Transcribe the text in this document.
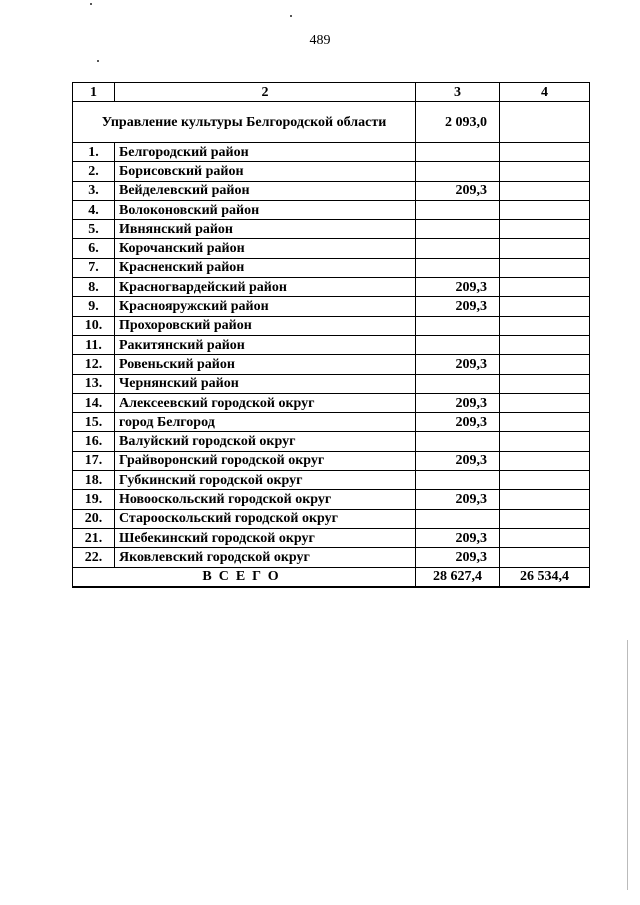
489
1	2	3	4
Управление культуры Белгородской области		2 093,0	
1.	Белгородский район		
2.	Борисовский район		
3.	Вейделевский район	209,3	
4.	Волоконовский район		
5.	Ивнянский район		
6.	Корочанский район		
7.	Красненский район		
8.	Красногвардейский район	209,3	
9.	Краснояружский район	209,3	
10.	Прохоровский район		
11.	Ракитянский район		
12.	Ровеньский район	209,3	
13.	Чернянский район		
14.	Алексеевский городской округ	209,3	
15.	город Белгород	209,3	
16.	Валуйский городской округ		
17.	Грайворонский городской округ	209,3	
18.	Губкинский городской округ		
19.	Новооскольский городской округ	209,3	
20.	Старооскольский городской округ		
21.	Шебекинский городской округ	209,3	
22.	Яковлевский городской округ	209,3	
ВСЕГО		28 627,4	26 534,4
